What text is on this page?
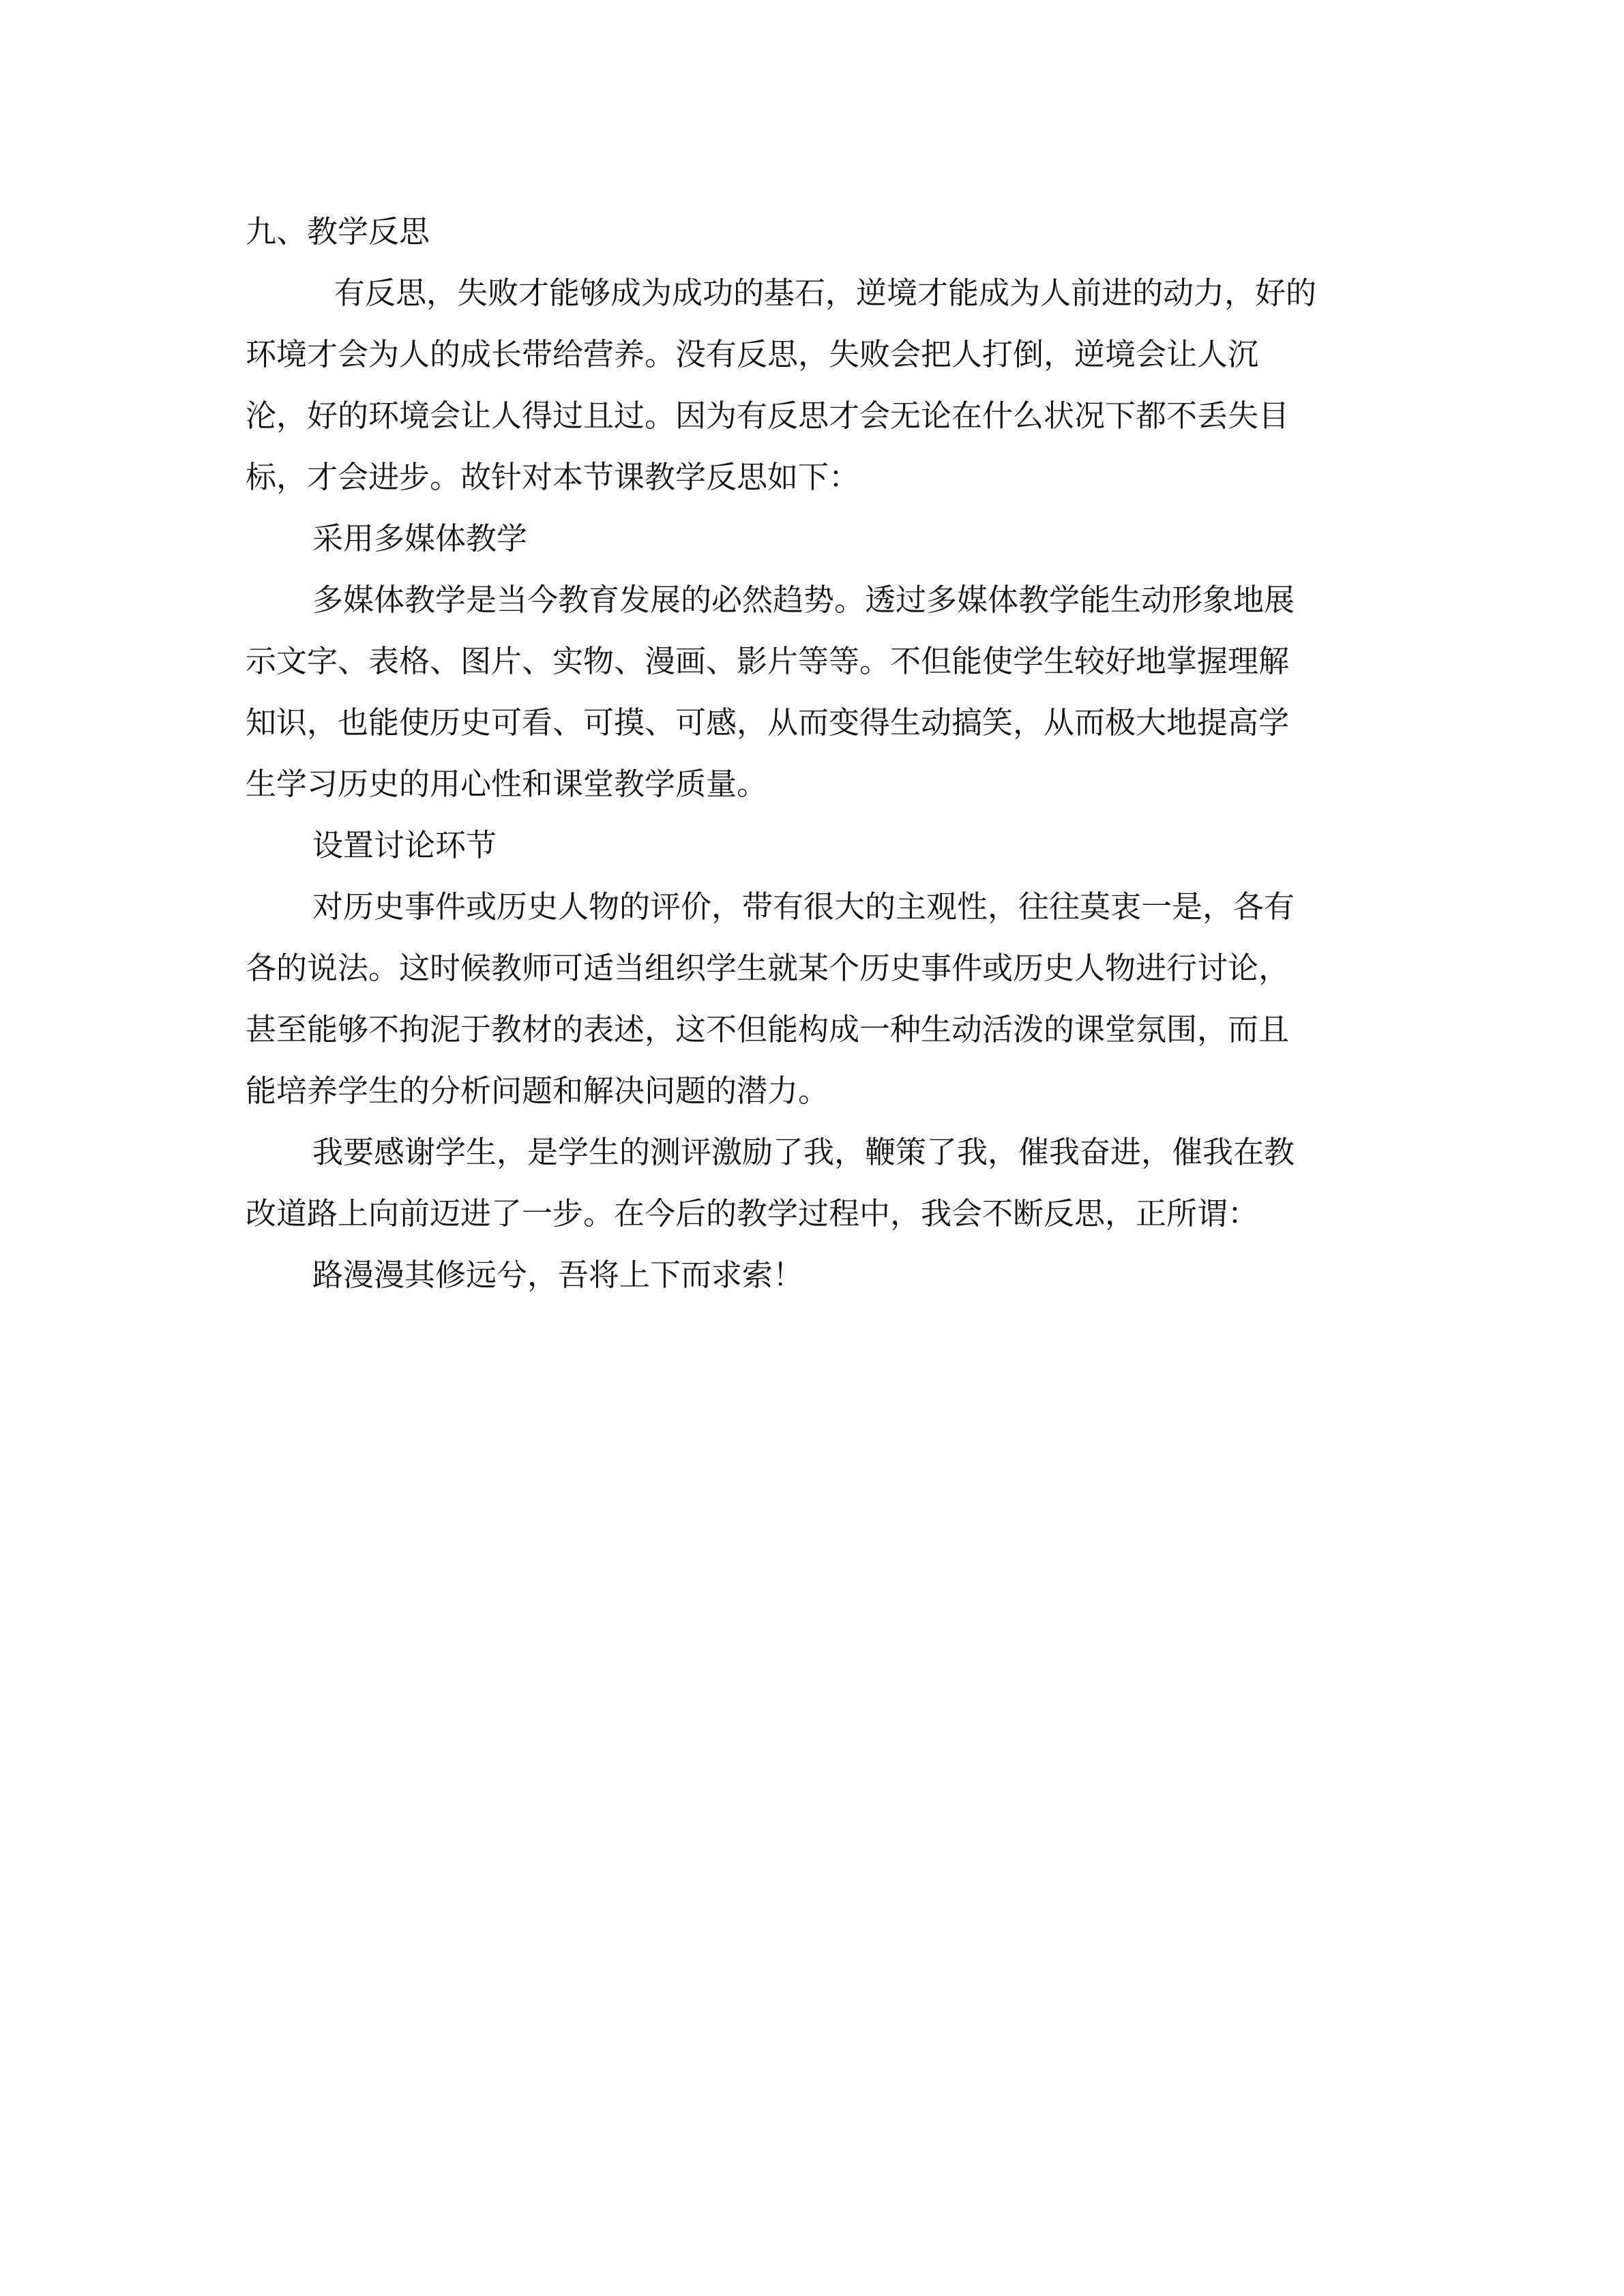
九、教学反思

有反思，失败才能够成为成功的基石，逆境才能成为人前进的动力，好的

环境才会为人的成长带给营养。没有反思，失败会把人打倒，逆境会让人沉

沦，好的环境会让人得过且过。因为有反思才会无论在什么状况下都不丢失目

标，才会进步。故针对本节课教学反思如下：

采用多媒体教学

多媒体教学是当今教育发展的必然趋势。透过多媒体教学能生动形象地展

示文字、表格、图片、实物、漫画、影片等等。不但能使学生较好地掌握理解

知识，也能使历史可看、可摸、可感，从而变得生动搞笑，从而极大地提高学

生学习历史的用心性和课堂教学质量。

设置讨论环节

对历史事件或历史人物的评价，带有很大的主观性，往往莫衷一是，各有

各的说法。这时候教师可适当组织学生就某个历史事件或历史人物进行讨论，

甚至能够不拘泥于教材的表述，这不但能构成一种生动活泼的课堂氛围，而且

能培养学生的分析问题和解决问题的潜力。

我要感谢学生，是学生的测评激励了我，鞭策了我，催我奋进，催我在教

改道路上向前迈进了一步。在今后的教学过程中，我会不断反思，正所谓：

路漫漫其修远兮，吾将上下而求索！
